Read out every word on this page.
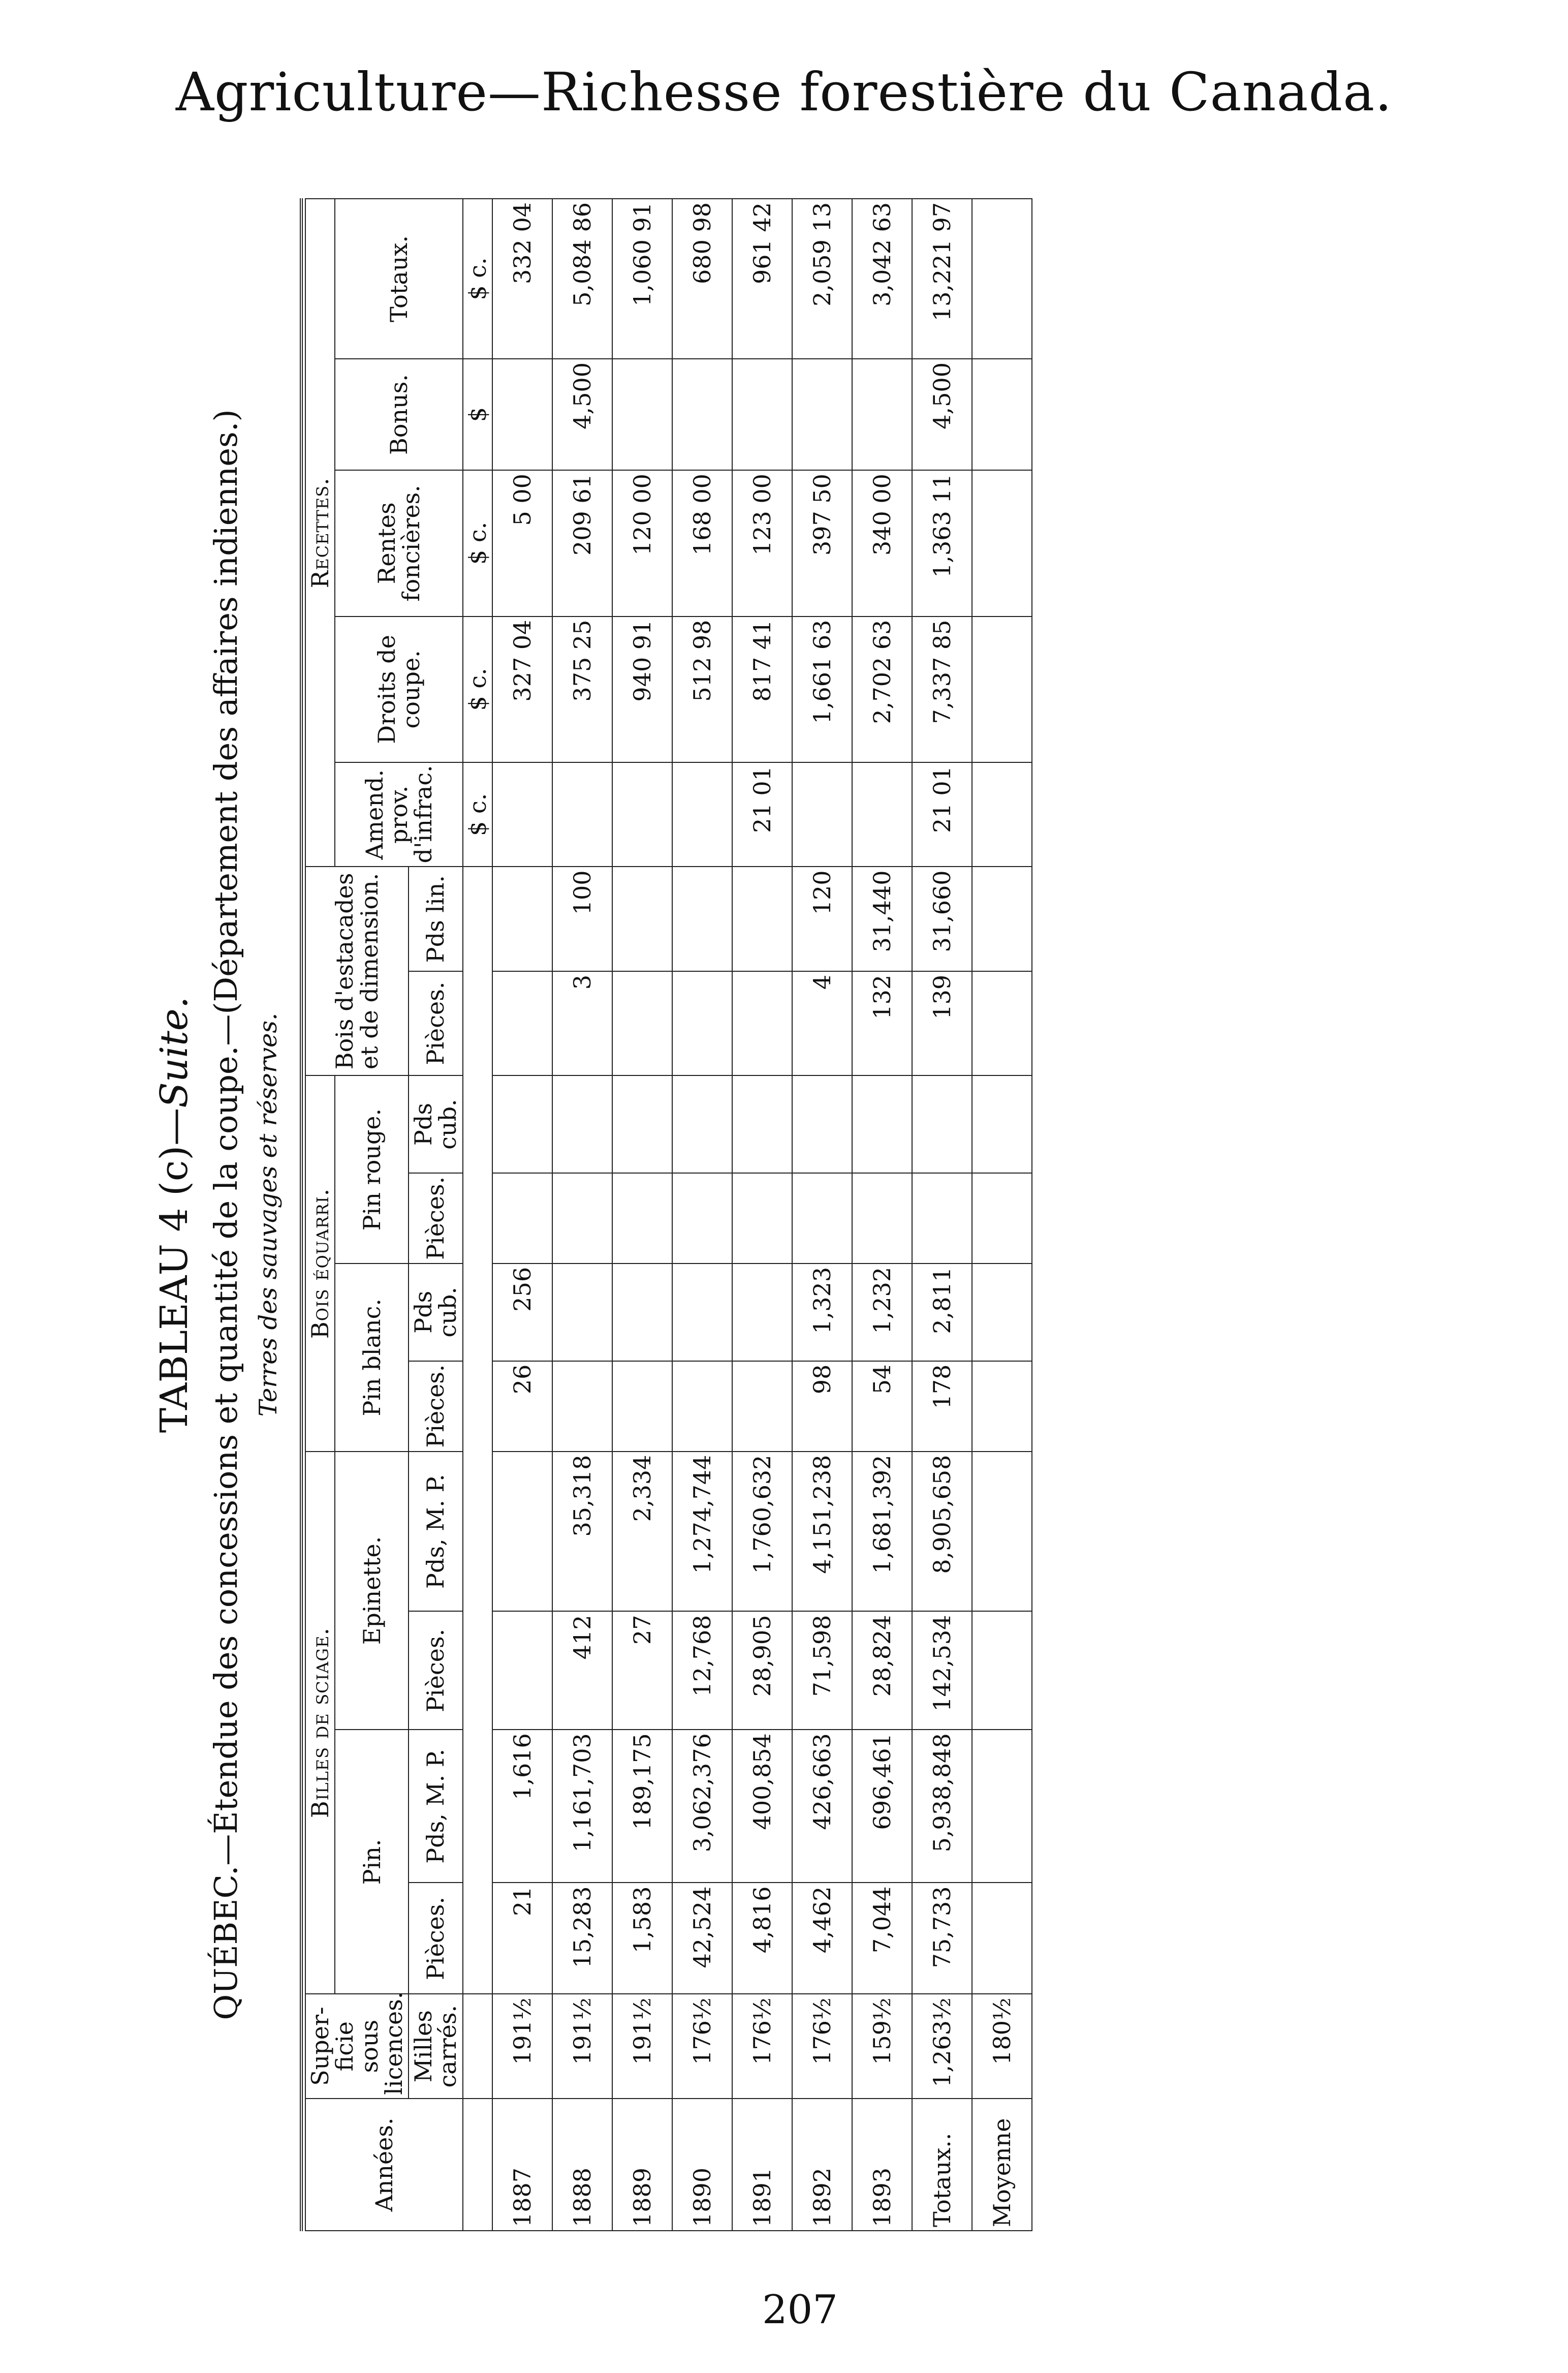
Agriculture—Richesse forestière du Canada.
TABLEAU 4 (c)—Suite. QUÉBEC.—Étendue des concessions et quantité de la coupe.—(Département des affaires indiennes.) Terres des sauvages et réserves.
Années.	Super-ficie sous licences.	Billes de sciage.				Bois équarri.				Bois d'estacades et de dimension.		Recettes.				
		Pin.		Epinette.		Pin blanc.		Pin rouge.				Amend. prov. d'infrac.	Droits de coupe.	Rentes foncières.	Bonus.	Totaux.
	Milles carrés.	Pièces.	Pds, M. P.	Pièces.	Pds, M. P.	Pièces.	Pds cub.	Pièces.	Pds cub.	Pièces.	Pds lin.					
												$ c.	$ c.	$ c.	$	$ c.
1887	191½	21	1,616			26	256						327 04	5 00		332 04
1888	191½	15,283	1,161,703	412	35,318					3	100		375 25	209 61	4,500	5,084 86
1889	191½	1,583	189,175	27	2,334								940 91	120 00		1,060 91
1890	176½	42,524	3,062,376	12,768	1,274,744								512 98	168 00		680 98
1891	176½	4,816	400,854	28,905	1,760,632							21 01	817 41	123 00		961 42
1892	176½	4,462	426,663	71,598	4,151,238	98	1,323			4	120		1,661 63	397 50		2,059 13
1893	159½	7,044	696,461	28,824	1,681,392	54	1,232			132	31,440		2,702 63	340 00		3,042 63
Totaux..	1,263½	75,733	5,938,848	142,534	8,905,658	178	2,811			139	31,660	21 01	7,337 85	1,363 11	4,500	13,221 97
Moyenne	180½															
207
